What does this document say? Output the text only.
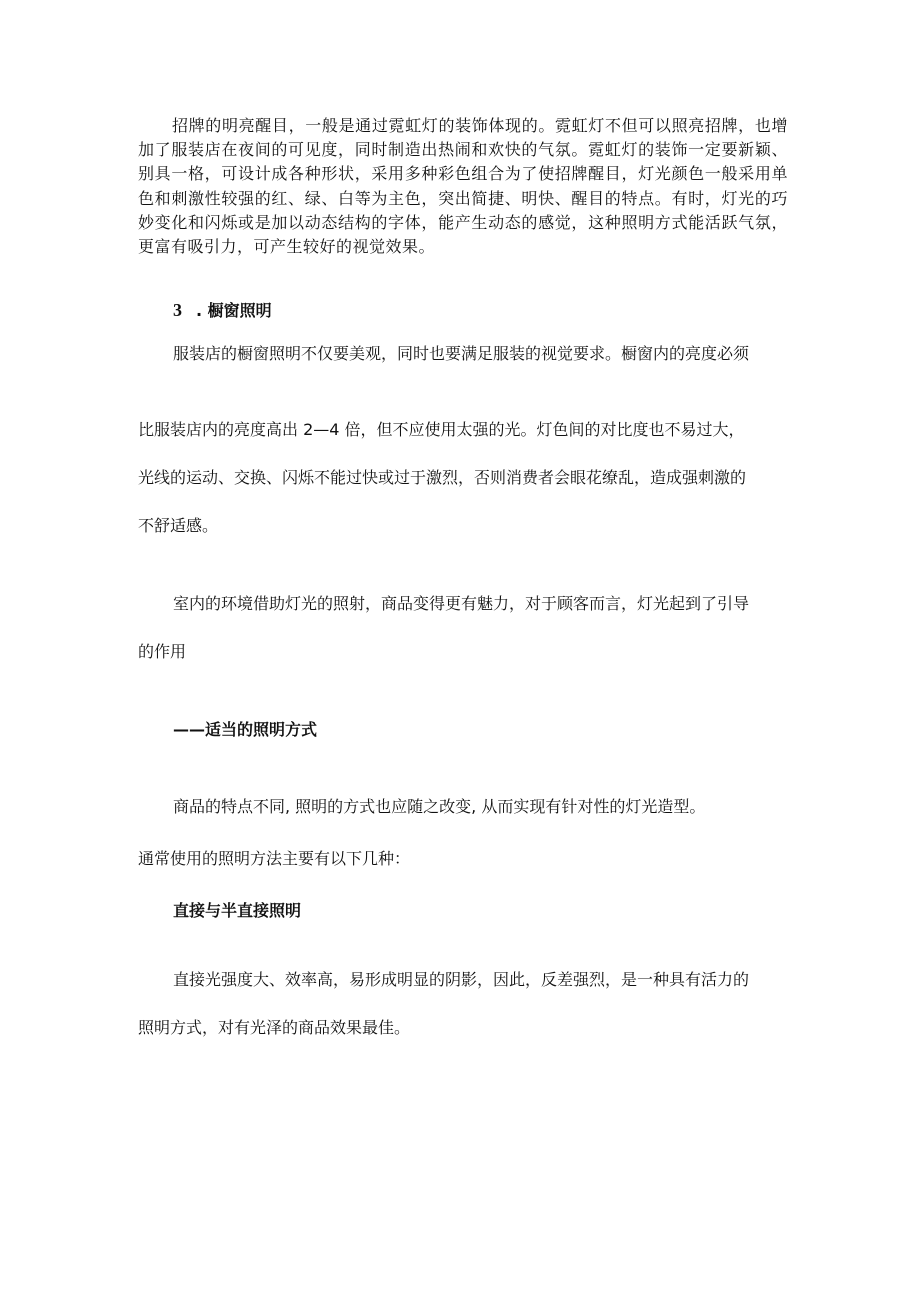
招牌的明亮醒目，一般是通过霓虹灯的装饰体现的。霓虹灯不但可以照亮招牌，也增加了服装店在夜间的可见度，同时制造出热闹和欢快的气氛。霓虹灯的装饰一定要新颖、别具一格，可设计成各种形状，采用多种彩色组合为了使招牌醒目，灯光颜色一般采用单色和刺激性较强的红、绿、白等为主色，突出简捷、明快、醒目的特点。有时，灯光的巧妙变化和闪烁或是加以动态结构的字体，能产生动态的感觉，这种照明方式能活跃气氛，更富有吸引力，可产生较好的视觉效果。

3 . 橱窗照明
服装店的橱窗照明不仅要美观，同时也要满足服装的视觉要求。橱窗内的亮度必须
比服装店内的亮度高出 2—4 倍，但不应使用太强的光。灯色间的对比度也不易过大，
光线的运动、交换、闪烁不能过快或过于激烈，否则消费者会眼花缭乱，造成强刺激的
不舒适感。
室内的环境借助灯光的照射，商品变得更有魅力，对于顾客而言，灯光起到了引导
的作用
——适当的照明方式
商品的特点不同, 照明的方式也应随之改变, 从而实现有针对性的灯光造型。
通常使用的照明方法主要有以下几种：
直接与半直接照明
直接光强度大、效率高，易形成明显的阴影，因此，反差强烈，是一种具有活力的
照明方式，对有光泽的商品效果最佳。
